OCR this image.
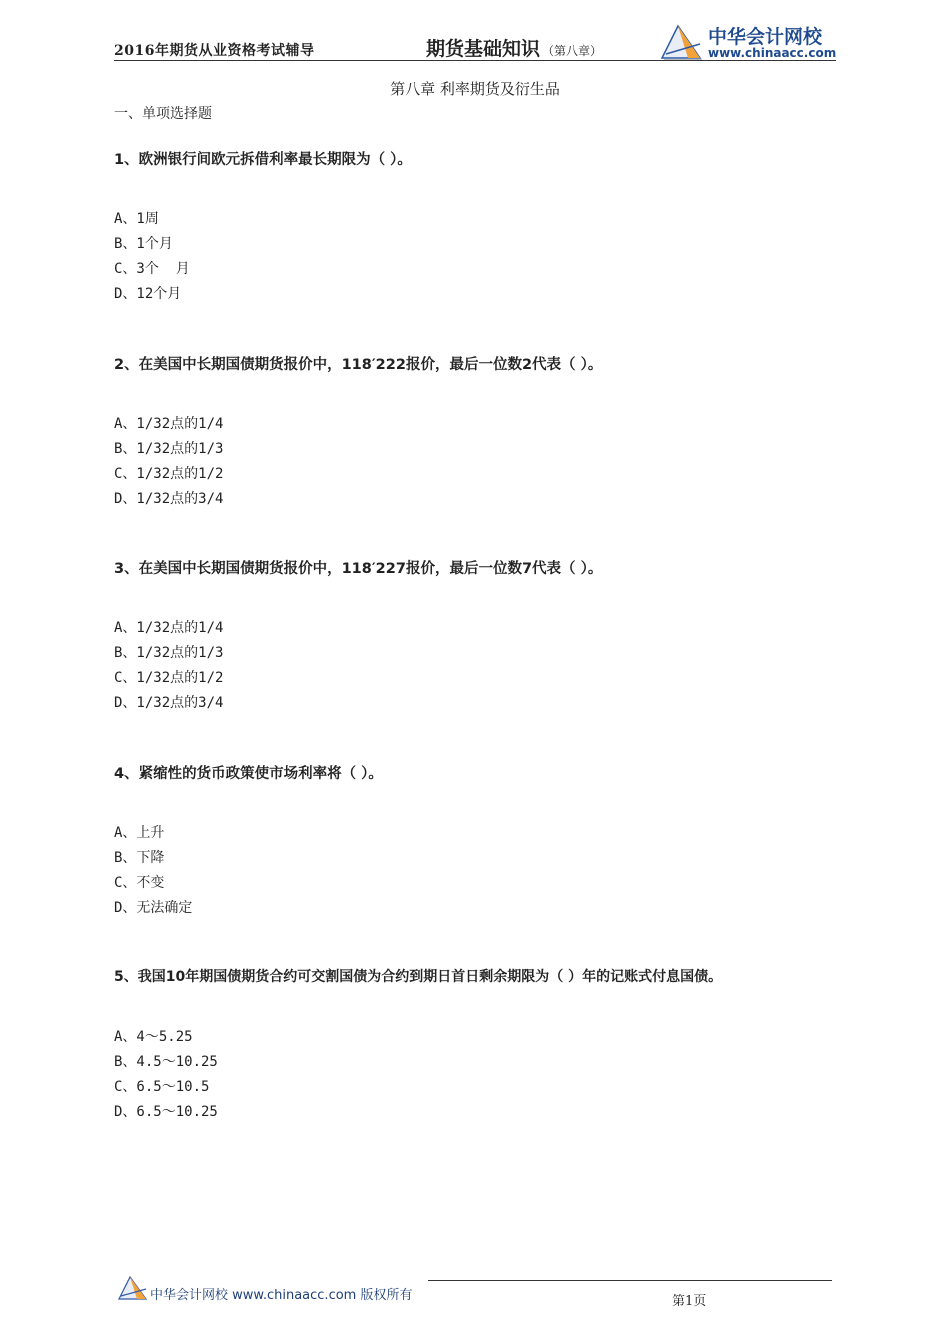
2016年期货从业资格考试辅导	期货基础知识 （第八章）
中华会计网校
www.chinaacc.com
第八章 利率期货及衍生品
一、单项选择题
1、欧洲银行间欧元拆借利率最长期限为（ ）。
A、1周
B、1个月
C、3个  月
D、12个月
2、在美国中长期国债期货报价中，118′222报价，最后一位数2代表（ ）。
A、1/32点的1/4
B、1/32点的1/3
C、1/32点的1/2
D、1/32点的3/4
3、在美国中长期国债期货报价中，118′227报价，最后一位数7代表（ ）。
A、1/32点的1/4
B、1/32点的1/3
C、1/32点的1/2
D、1/32点的3/4
4、紧缩性的货币政策使市场利率将（ ）。
A、上升
B、下降
C、不变
D、无法确定
5、我国10年期国债期货合约可交割国债为合约到期日首日剩余期限为（ ）年的记账式付息国债。
A、4～5.25
B、4.5～10.25
C、6.5～10.5
D、6.5～10.25
中华会计网校 www.chinaacc.com 版权所有	第1页
